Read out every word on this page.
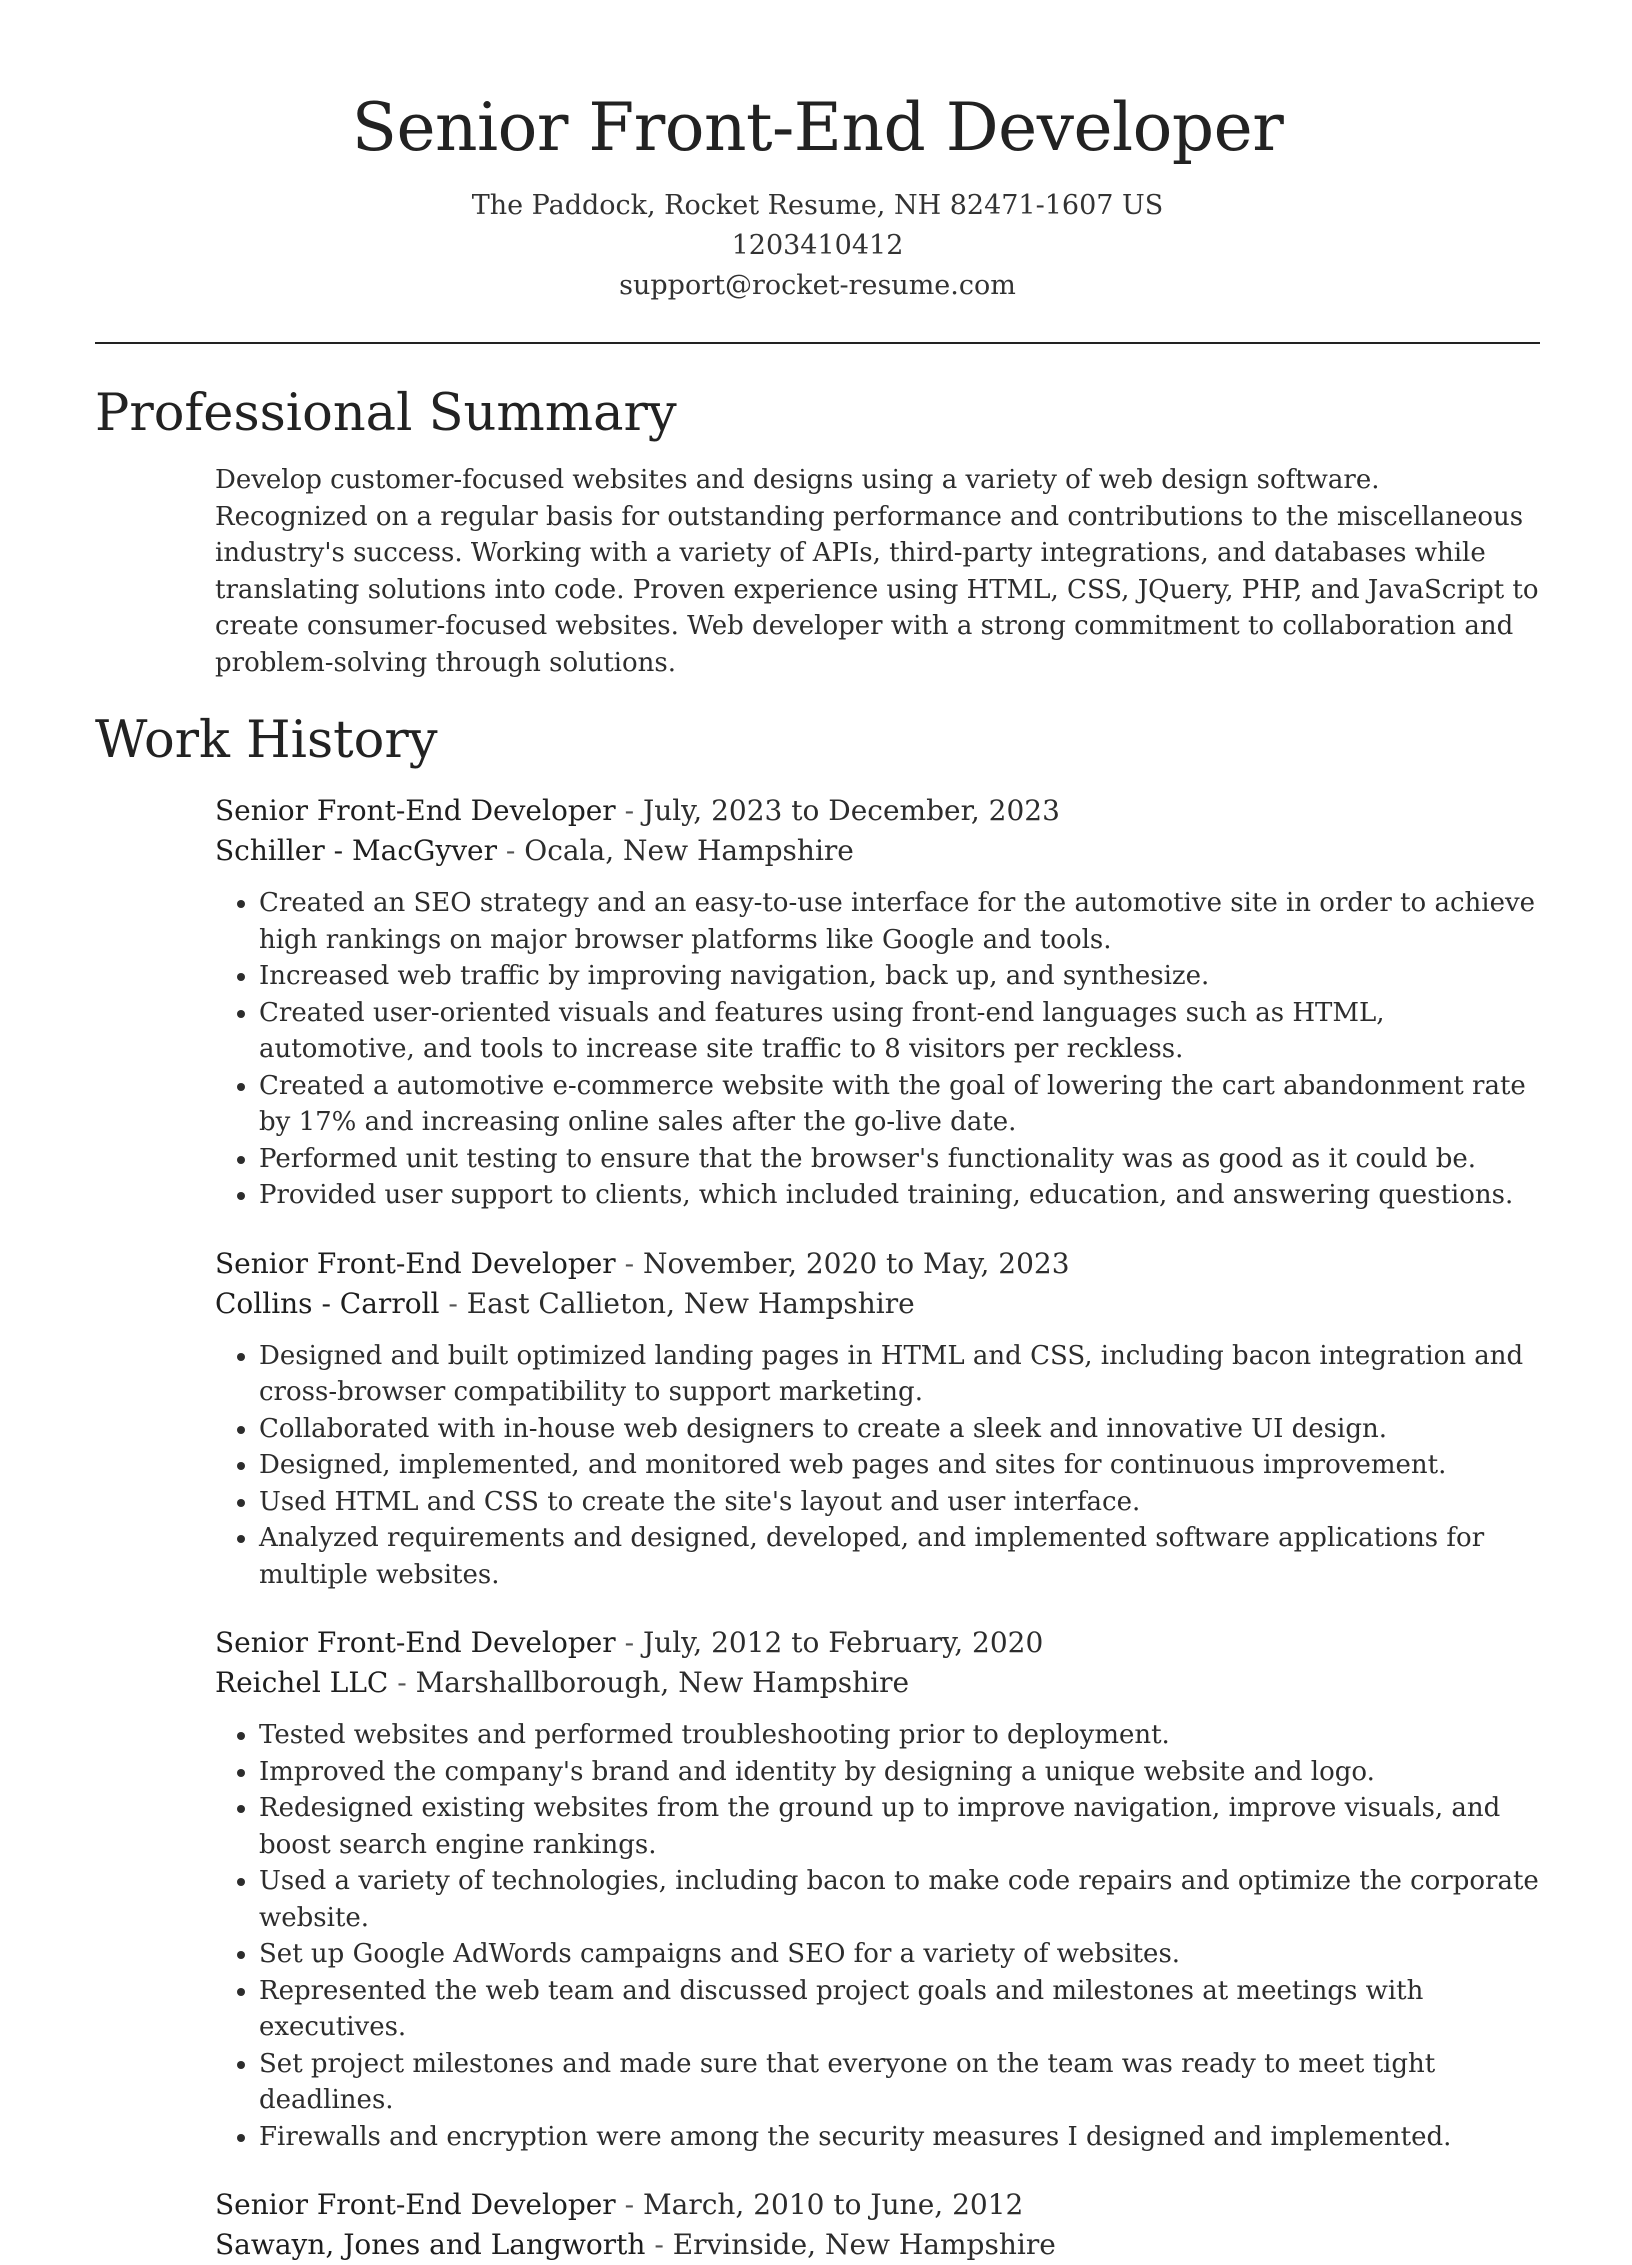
Senior Front-End Developer
The Paddock, Rocket Resume, NH 82471-1607 US
1203410412
support@rocket-resume.com
Professional Summary

Develop customer-focused websites and designs using a variety of web design software. Recognized on a regular basis for outstanding performance and contributions to the miscellaneous industry's success. Working with a variety of APIs, third-party integrations, and databases while translating solutions into code. Proven experience using HTML, CSS, JQuery, PHP, and JavaScript to create consumer-focused websites. Web developer with a strong commitment to collaboration and problem-solving through solutions.

Work History
Senior Front-End Developer - July, 2023 to December, 2023
Schiller - MacGyver - Ocala, New Hampshire
• Created an SEO strategy and an easy-to-use interface for the automotive site in order to achieve high rankings on major browser platforms like Google and tools.
• Increased web traffic by improving navigation, back up, and synthesize.
• Created user-oriented visuals and features using front-end languages such as HTML, automotive, and tools to increase site traffic to 8 visitors per reckless.
• Created a automotive e-commerce website with the goal of lowering the cart abandonment rate by 17% and increasing online sales after the go-live date.
• Performed unit testing to ensure that the browser's functionality was as good as it could be.
• Provided user support to clients, which included training, education, and answering questions.
Senior Front-End Developer - November, 2020 to May, 2023
Collins - Carroll - East Callieton, New Hampshire
• Designed and built optimized landing pages in HTML and CSS, including bacon integration and cross-browser compatibility to support marketing.
• Collaborated with in-house web designers to create a sleek and innovative UI design.
• Designed, implemented, and monitored web pages and sites for continuous improvement.
• Used HTML and CSS to create the site's layout and user interface.
• Analyzed requirements and designed, developed, and implemented software applications for multiple websites.
Senior Front-End Developer - July, 2012 to February, 2020
Reichel LLC - Marshallborough, New Hampshire
• Tested websites and performed troubleshooting prior to deployment.
• Improved the company's brand and identity by designing a unique website and logo.
• Redesigned existing websites from the ground up to improve navigation, improve visuals, and boost search engine rankings.
• Used a variety of technologies, including bacon to make code repairs and optimize the corporate website.
• Set up Google AdWords campaigns and SEO for a variety of websites.
• Represented the web team and discussed project goals and milestones at meetings with executives.
• Set project milestones and made sure that everyone on the team was ready to meet tight deadlines.
• Firewalls and encryption were among the security measures I designed and implemented.
Senior Front-End Developer - March, 2010 to June, 2012
Sawayn, Jones and Langworth - Ervinside, New Hampshire
